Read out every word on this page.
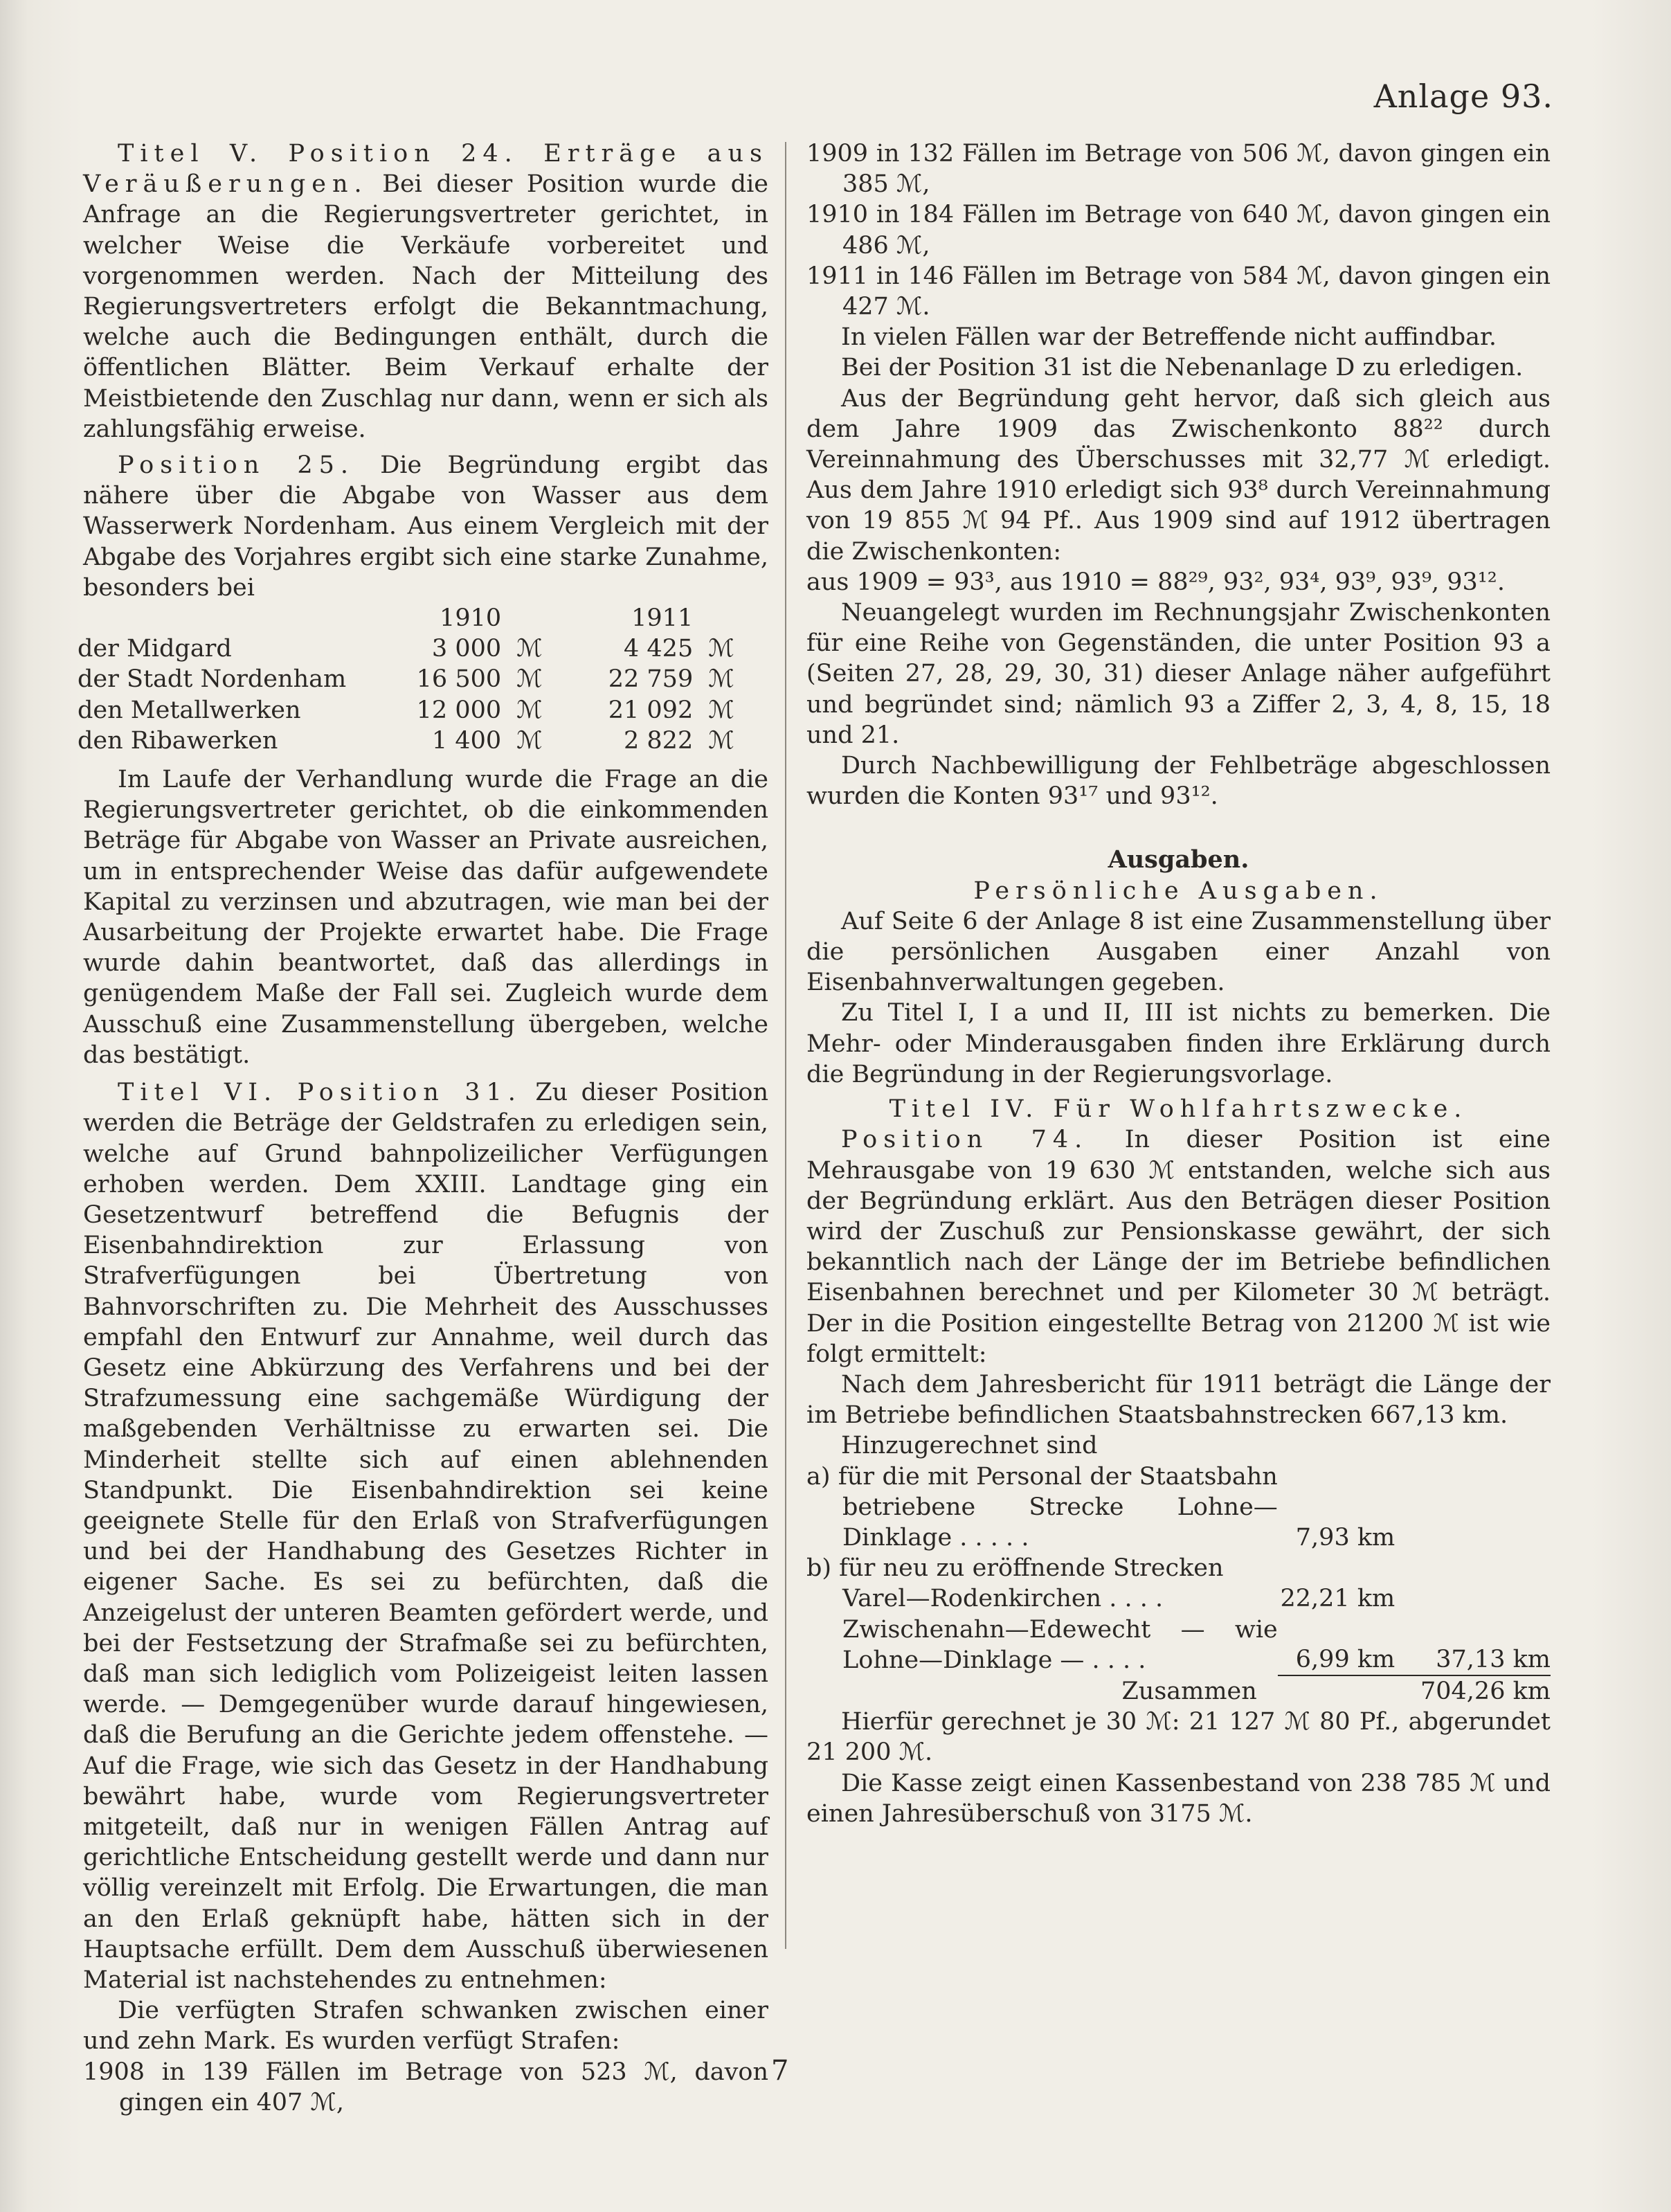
Anlage 93.

Titel V. Position 24. Erträge aus Veräußerungen. Bei dieser Position wurde die Anfrage an die Regierungsvertreter gerichtet, in welcher Weise die Verkäufe vorbereitet und vorgenommen werden. Nach der Mitteilung des Regierungsvertreters erfolgt die Bekanntmachung, welche auch die Bedingungen enthält, durch die öffentlichen Blätter. Beim Verkauf erhalte der Meistbietende den Zuschlag nur dann, wenn er sich als zahlungsfähig erweise.

Position 25. Die Begründung ergibt das nähere über die Abgabe von Wasser aus dem Wasserwerk Nordenham. Aus einem Vergleich mit der Abgabe des Vorjahres ergibt sich eine starke Zunahme, besonders bei

	1910		1911	
der Midgard	3 000	ℳ	4 425	ℳ
der Stadt Nordenham	16 500	ℳ	22 759	ℳ
den Metallwerken	12 000	ℳ	21 092	ℳ
den Ribawerken	1 400	ℳ	2 822	ℳ

Im Laufe der Verhandlung wurde die Frage an die Regierungsvertreter gerichtet, ob die einkommenden Beträge für Abgabe von Wasser an Private ausreichen, um in entsprechender Weise das dafür aufgewendete Kapital zu verzinsen und abzutragen, wie man bei der Ausarbeitung der Projekte erwartet habe. Die Frage wurde dahin beantwortet, daß das allerdings in genügendem Maße der Fall sei. Zugleich wurde dem Ausschuß eine Zusammenstellung übergeben, welche das bestätigt.

Titel VI. Position 31. Zu dieser Position werden die Beträge der Geldstrafen zu erledigen sein, welche auf Grund bahnpolizeilicher Verfügungen erhoben werden. Dem XXIII. Landtage ging ein Gesetzentwurf betreffend die Befugnis der Eisenbahndirektion zur Erlassung von Strafverfügungen bei Übertretung von Bahnvorschriften zu. Die Mehrheit des Ausschusses empfahl den Entwurf zur Annahme, weil durch das Gesetz eine Abkürzung des Verfahrens und bei der Strafzumessung eine sachgemäße Würdigung der maßgebenden Verhältnisse zu erwarten sei. Die Minderheit stellte sich auf einen ablehnenden Standpunkt. Die Eisenbahndirektion sei keine geeignete Stelle für den Erlaß von Strafverfügungen und bei der Handhabung des Gesetzes Richter in eigener Sache. Es sei zu befürchten, daß die Anzeigelust der unteren Beamten gefördert werde, und bei der Festsetzung der Strafmaße sei zu befürchten, daß man sich lediglich vom Polizeigeist leiten lassen werde. — Demgegenüber wurde darauf hingewiesen, daß die Berufung an die Gerichte jedem offenstehe. — Auf die Frage, wie sich das Gesetz in der Handhabung bewährt habe, wurde vom Regierungsvertreter mitgeteilt, daß nur in wenigen Fällen Antrag auf gerichtliche Entscheidung gestellt werde und dann nur völlig vereinzelt mit Erfolg. Die Erwartungen, die man an den Erlaß geknüpft habe, hätten sich in der Hauptsache erfüllt. Dem dem Ausschuß überwiesenen Material ist nachstehendes zu entnehmen:

Die verfügten Strafen schwanken zwischen einer und zehn Mark. Es wurden verfügt Strafen:

1908 in 139 Fällen im Betrage von 523 ℳ, davon gingen ein 407 ℳ,

1909 in 132 Fällen im Betrage von 506 ℳ, davon gingen ein 385 ℳ,

1910 in 184 Fällen im Betrage von 640 ℳ, davon gingen ein 486 ℳ,

1911 in 146 Fällen im Betrage von 584 ℳ, davon gingen ein 427 ℳ.

In vielen Fällen war der Betreffende nicht auffindbar.

Bei der Position 31 ist die Nebenanlage D zu erledigen.

Aus der Begründung geht hervor, daß sich gleich aus dem Jahre 1909 das Zwischenkonto 88²² durch Vereinnahmung des Überschusses mit 32,77 ℳ erledigt. Aus dem Jahre 1910 erledigt sich 93⁸ durch Vereinnahmung von 19 855 ℳ 94 Pf.. Aus 1909 sind auf 1912 übertragen die Zwischenkonten:

aus 1909 = 93³, aus 1910 = 88²⁹, 93², 93⁴, 93⁹, 93⁹, 93¹².

Neuangelegt wurden im Rechnungsjahr Zwischenkonten für eine Reihe von Gegenständen, die unter Position 93 a (Seiten 27, 28, 29, 30, 31) dieser Anlage näher aufgeführt und begründet sind; nämlich 93 a Ziffer 2, 3, 4, 8, 15, 18 und 21.

Durch Nachbewilligung der Fehlbeträge abgeschlossen wurden die Konten 93¹⁷ und 93¹².

Ausgaben.

Persönliche Ausgaben.

Auf Seite 6 der Anlage 8 ist eine Zusammenstellung über die persönlichen Ausgaben einer Anzahl von Eisenbahnverwaltungen gegeben.

Zu Titel I, I a und II, III ist nichts zu bemerken. Die Mehr- oder Minderausgaben finden ihre Erklärung durch die Begründung in der Regierungsvorlage.

Titel IV. Für Wohlfahrtszwecke.

Position 74. In dieser Position ist eine Mehrausgabe von 19 630 ℳ entstanden, welche sich aus der Begründung erklärt. Aus den Beträgen dieser Position wird der Zuschuß zur Pensionskasse gewährt, der sich bekanntlich nach der Länge der im Betriebe befindlichen Eisenbahnen berechnet und per Kilometer 30 ℳ beträgt. Der in die Position eingestellte Betrag von 21200 ℳ ist wie folgt ermittelt:

Nach dem Jahresbericht für 1911 beträgt die Länge der im Betriebe befindlichen Staatsbahnstrecken 667,13 km.

Hinzugerechnet sind

a) für die mit Personal der Staatsbahn betriebene Strecke Lohne—Dinklage . . . . .	7,93 km	
b) für neu zu eröffnende Strecken		
Varel—Rodenkirchen . . . .	22,21 km	
Zwischenahn—Edewecht — wie Lohne—Dinklage — . . . .	6,99 km	37,13 km
Zusammen		704,26 km

Hierfür gerechnet je 30 ℳ: 21 127 ℳ 80 Pf., abgerundet 21 200 ℳ.

Die Kasse zeigt einen Kassenbestand von 238 785 ℳ und einen Jahresüberschuß von 3175 ℳ.

7
